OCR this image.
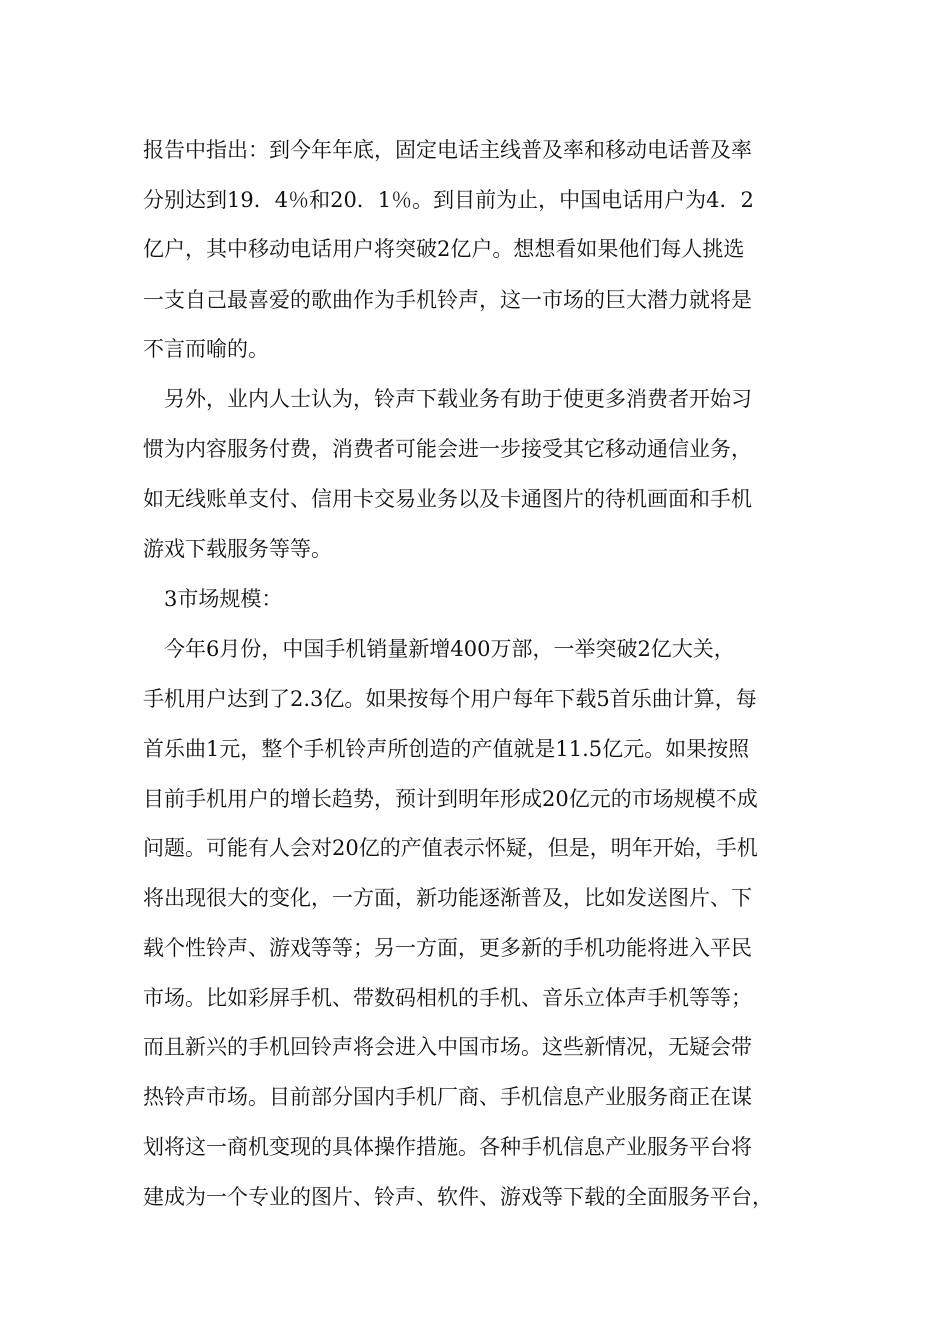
报告中指出：到今年年底，固定电话主线普及率和移动电话普及率
分别达到19．4％和20．1％。到目前为止，中国电话用户为4．2
亿户，其中移动电话用户将突破2亿户。想想看如果他们每人挑选
一支自己最喜爱的歌曲作为手机铃声，这一市场的巨大潜力就将是
不言而喻的。
另外，业内人士认为，铃声下载业务有助于使更多消费者开始习
惯为内容服务付费，消费者可能会进一步接受其它移动通信业务，
如无线账单支付、信用卡交易业务以及卡通图片的待机画面和手机
游戏下载服务等等。
3市场规模：
今年6月份，中国手机销量新增400万部，一举突破2亿大关，
手机用户达到了2.3亿。如果按每个用户每年下载5首乐曲计算，每
首乐曲1元，整个手机铃声所创造的产值就是11.5亿元。如果按照
目前手机用户的增长趋势，预计到明年形成20亿元的市场规模不成
问题。可能有人会对20亿的产值表示怀疑，但是，明年开始，手机
将出现很大的变化，一方面，新功能逐渐普及，比如发送图片、下
载个性铃声、游戏等等；另一方面，更多新的手机功能将进入平民
市场。比如彩屏手机、带数码相机的手机、音乐立体声手机等等；
而且新兴的手机回铃声将会进入中国市场。这些新情况，无疑会带
热铃声市场。目前部分国内手机厂商、手机信息产业服务商正在谋
划将这一商机变现的具体操作措施。各种手机信息产业服务平台将
建成为一个专业的图片、铃声、软件、游戏等下载的全面服务平台，
